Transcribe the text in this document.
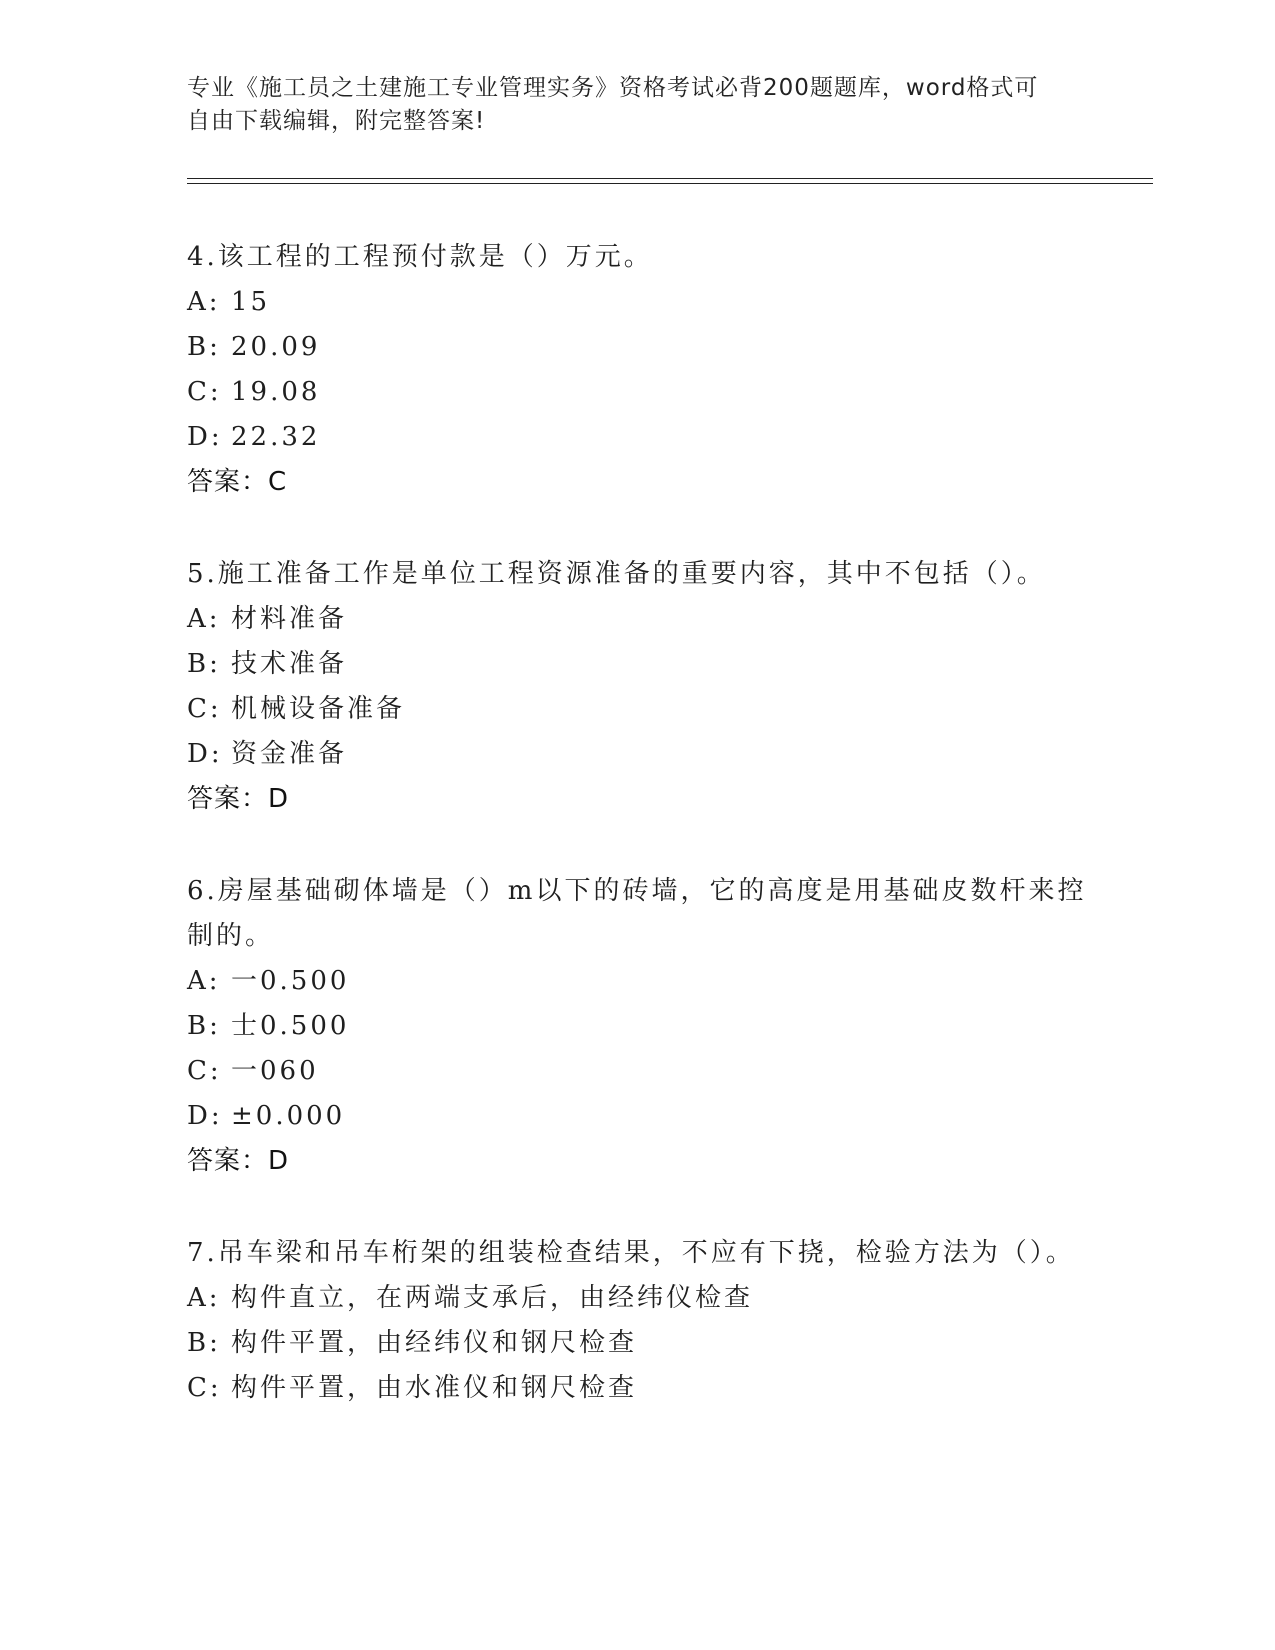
专业《施工员之土建施工专业管理实务》资格考试必背200题题库，word格式可

自由下载编辑，附完整答案!

4.该工程的工程预付款是（）万元。

A: 15

B: 20.09

C: 19.08

D: 22.32

答案：C

5.施工准备工作是单位工程资源准备的重要内容，其中不包括（）。

A: 材料准备

B: 技术准备

C: 机械设备准备

D: 资金准备

答案：D

6.房屋基础砌体墙是（）m以下的砖墙，它的高度是用基础皮数杆来控制的。

A: 一0.500

B: 士0.500

C: 一060

D: ±0.000

答案：D

7.吊车梁和吊车桁架的组装检查结果，不应有下挠，检验方法为（）。

A: 构件直立，在两端支承后，由经纬仪检查

B: 构件平置，由经纬仪和钢尺检查

C: 构件平置，由水准仪和钢尺检查
